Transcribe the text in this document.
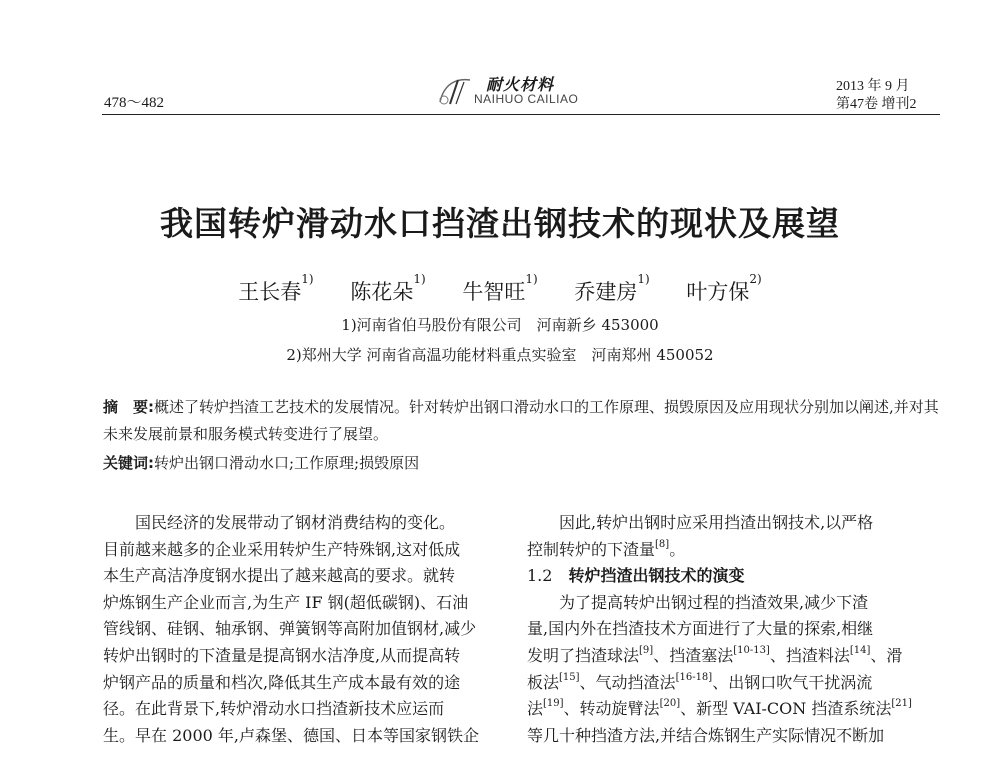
478～482
耐火材料
NAIHUO CAILIAO
2013 年 9 月
第47卷 增刊2
我国转炉滑动水口挡渣出钢技术的现状及展望
王长春$^{1)}$ 陈花朵$^{1)}$ 牛智旺$^{1)}$ 乔建房$^{1)}$ 叶方保$^{2)}$
1)河南省伯马股份有限公司　河南新乡 453000
2)郑州大学 河南省高温功能材料重点实验室　河南郑州 450052
摘　要:概述了转炉挡渣工艺技术的发展情况。针对转炉出钢口滑动水口的工作原理、损毁原因及应用现状分别加以阐述,并对其未来发展前景和服务模式转变进行了展望。
关键词:转炉出钢口滑动水口;工作原理;损毁原因
国民经济的发展带动了钢材消费结构的变化。
目前越来越多的企业采用转炉生产特殊钢,这对低成
本生产高洁净度钢水提出了越来越高的要求。就转
炉炼钢生产企业而言,为生产 IF 钢(超低碳钢)、石油
管线钢、硅钢、轴承钢、弹簧钢等高附加值钢材,减少
转炉出钢时的下渣量是提高钢水洁净度,从而提高转
炉钢产品的质量和档次,降低其生产成本最有效的途
径。在此背景下,转炉滑动水口挡渣新技术应运而
生。早在 2000 年,卢森堡、德国、日本等国家钢铁企
因此,转炉出钢时应采用挡渣出钢技术,以严格
控制转炉的下渣量[8]。
1.2  转炉挡渣出钢技术的演变
为了提高转炉出钢过程的挡渣效果,减少下渣
量,国内外在挡渣技术方面进行了大量的探索,相继
发明了挡渣球法[9]、挡渣塞法[10-13]、挡渣料法[14]、滑
板法[15]、气动挡渣法[16-18]、出钢口吹气干扰涡流
法[19]、转动旋臂法[20]、新型 VAI-CON 挡渣系统法[21]
等几十种挡渣方法,并结合炼钢生产实际情况不断加
